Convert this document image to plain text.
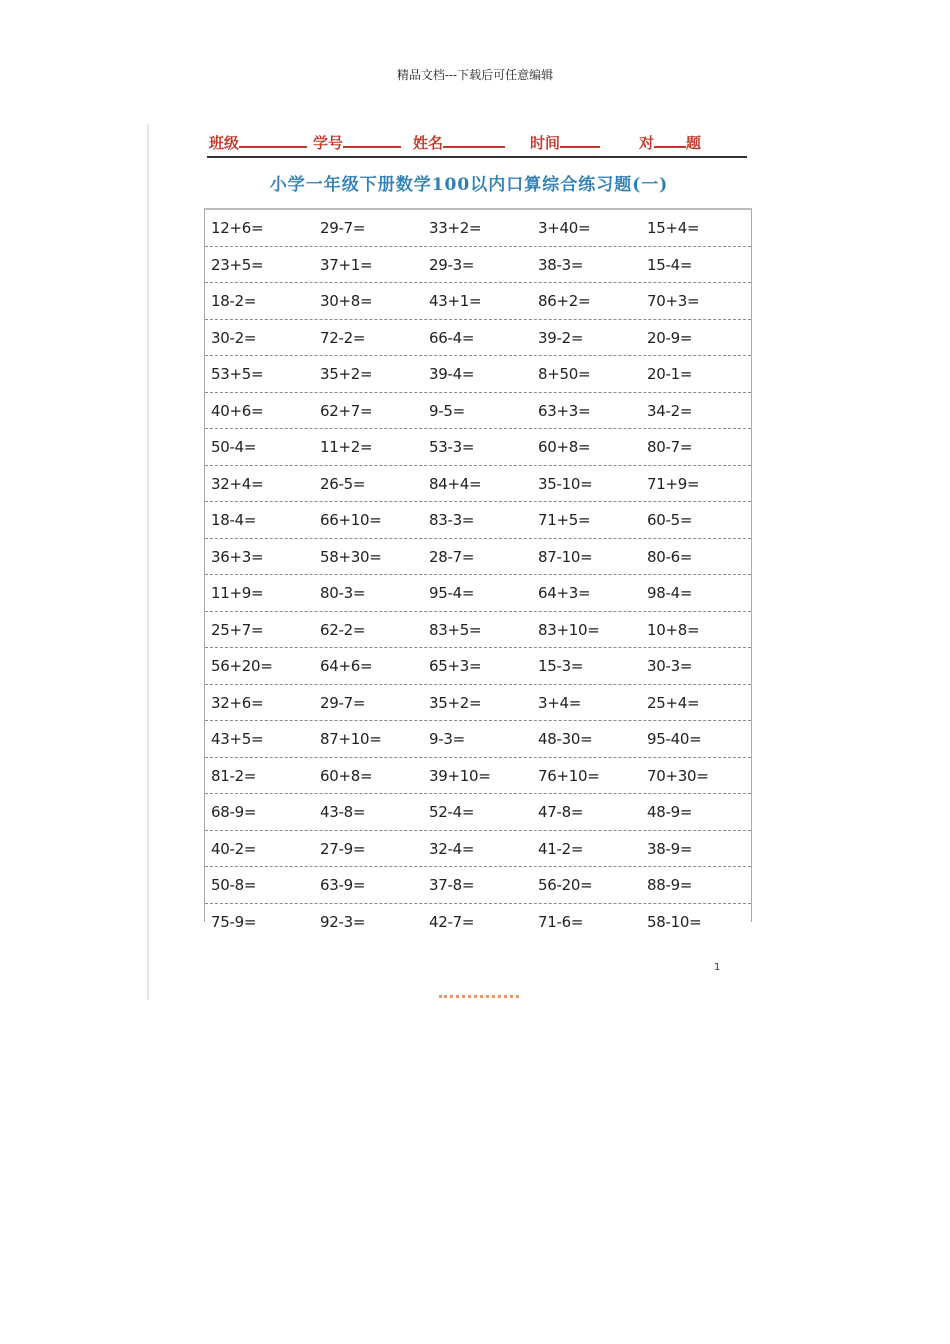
精品文档---下载后可任意编辑
班级	学号	姓名	时间	对 题
小学一年级下册数学100以内口算综合练习题(一)
12+6=	29-7=	33+2=	3+40=	15+4=
23+5=	37+1=	29-3=	38-3=	15-4=
18-2=	30+8=	43+1=	86+2=	70+3=
30-2=	72-2=	66-4=	39-2=	20-9=
53+5=	35+2=	39-4=	8+50=	20-1=
40+6=	62+7=	9-5=	63+3=	34-2=
50-4=	11+2=	53-3=	60+8=	80-7=
32+4=	26-5=	84+4=	35-10=	71+9=
18-4=	66+10=	83-3=	71+5=	60-5=
36+3=	58+30=	28-7=	87-10=	80-6=
11+9=	80-3=	95-4=	64+3=	98-4=
25+7=	62-2=	83+5=	83+10=	10+8=
56+20=	64+6=	65+3=	15-3=	30-3=
32+6=	29-7=	35+2=	3+4=	25+4=
43+5=	87+10=	9-3=	48-30=	95-40=
81-2=	60+8=	39+10=	76+10=	70+30=
68-9=	43-8=	52-4=	47-8=	48-9=
40-2=	27-9=	32-4=	41-2=	38-9=
50-8=	63-9=	37-8=	56-20=	88-9=
75-9=	92-3=	42-7=	71-6=	58-10=
1
